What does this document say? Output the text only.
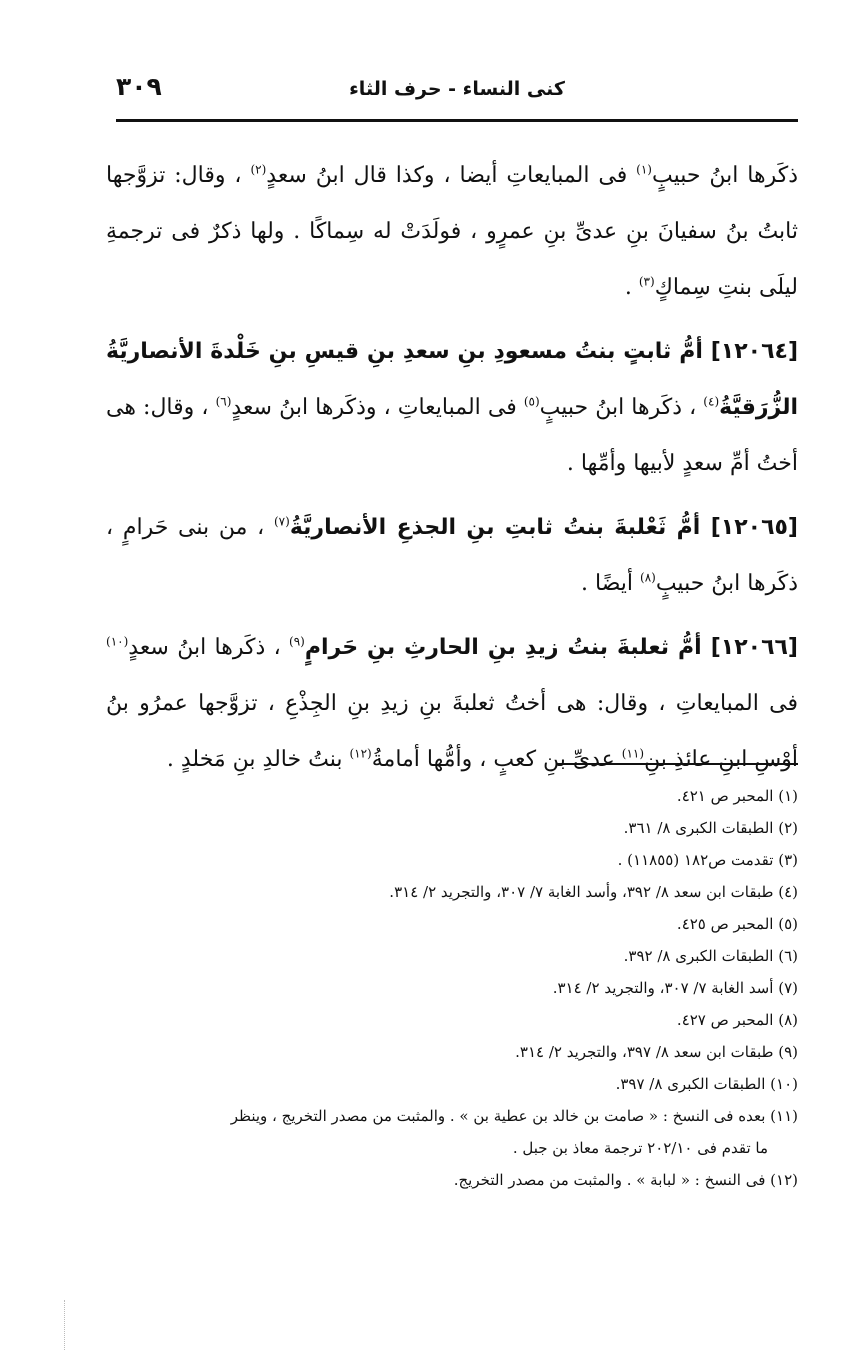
كنى النساء - حرف الثاء
٣٠٩

ذكَرها ابنُ حبيبٍ$^{(١)}$ فى المبايعاتِ أيضا ، وكذا قال ابنُ سعدٍ$^{(٢)}$ ، وقال: تزوَّجها ثابتُ بنُ سفيانَ بنِ عدىِّ بنِ عمرٍو ، فولَدَتْ له سِماكًا . ولها ذكرٌ فى ترجمةِ ليلَى بنتِ سِماكٍ$^{(٣)}$ .

[١٢٠٦٤] أمُّ ثابتٍ بنتُ مسعودِ بنِ سعدِ بنِ قيسِ بنِ خَلْدةَ الأنصاريَّةُ الزُّرَقيَّةُ$^{(٤)}$ ، ذكَرها ابنُ حبيبٍ$^{(٥)}$ فى المبايعاتِ ، وذكَرها ابنُ سعدٍ$^{(٦)}$ ، وقال: هى أختُ أمِّ سعدٍ لأبيها وأمِّها .

[١٢٠٦٥] أمُّ ثَعْلبةَ بنتُ ثابتِ بنِ الجذعِ الأنصاريَّةُ$^{(٧)}$ ، من بنى حَرامٍ ، ذكَرها ابنُ حبيبٍ$^{(٨)}$ أيضًا .

[١٢٠٦٦] أمُّ ثعلبةَ بنتُ زيدِ بنِ الحارثِ بنِ حَرامٍ$^{(٩)}$ ، ذكَرها ابنُ سعدٍ$^{(١٠)}$ فى المبايعاتِ ، وقال: هى أختُ ثعلبةَ بنِ زيدِ بنِ الجِذْعِ ، تزوَّجها عمرُو بنُ أوْسِ ابنِ عائذِ بنِ$^{(١١)}$ عدىِّ بنِ كعبٍ ، وأمُّها أمامةُ$^{(١٢)}$ بنتُ خالدِ بنِ مَخلدٍ .

(١) المحبر ص ٤٢١.
(٢) الطبقات الكبرى ٨/ ٣٦١.
(٣) تقدمت ص١٨٢ (١١٨٥٥) .
(٤) طبقات ابن سعد ٨/ ٣٩٢، وأسد الغابة ٧/ ٣٠٧، والتجريد ٢/ ٣١٤.
(٥) المحبر ص ٤٢٥.
(٦) الطبقات الكبرى ٨/ ٣٩٢.
(٧) أسد الغابة ٧/ ٣٠٧، والتجريد ٢/ ٣١٤.
(٨) المحبر ص ٤٢٧.
(٩) طبقات ابن سعد ٨/ ٣٩٧، والتجريد ٢/ ٣١٤.
(١٠) الطبقات الكبرى ٨/ ٣٩٧.
(١١) بعده فى النسخ : « صامت بن خالد بن عطية بن » . والمثبت من مصدر التخريج ، وينظر
ما تقدم فى ٢٠٢/١٠ ترجمة معاذ بن جبل .
(١٢) فى النسخ : « لبابة » . والمثبت من مصدر التخريج.
